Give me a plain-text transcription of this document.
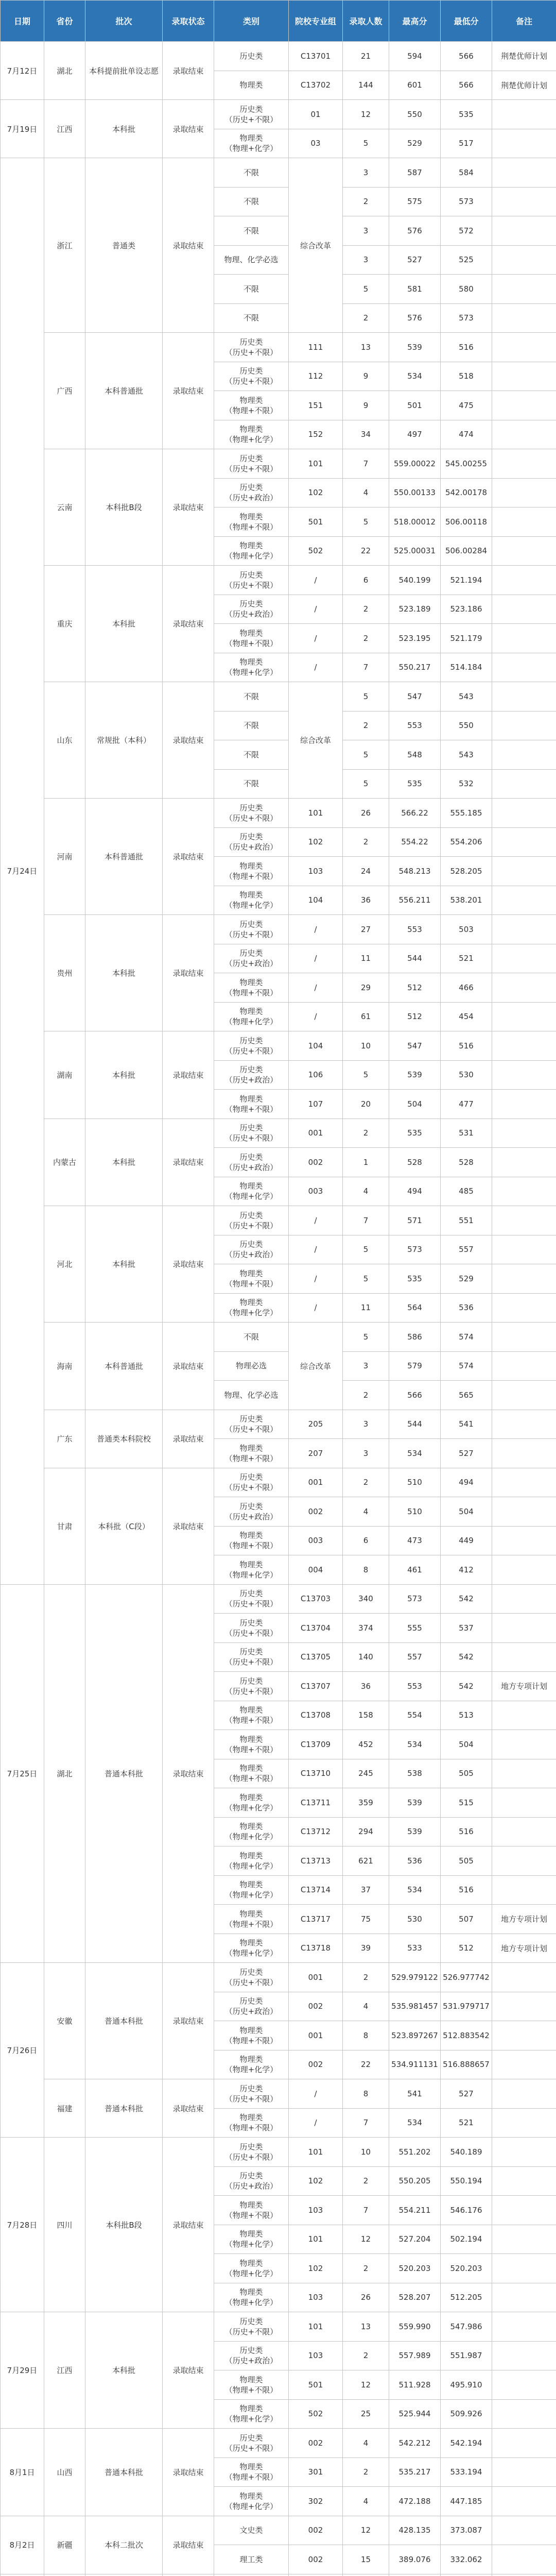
日期	省份	批次	录取状态	类别	院校专业组	录取人数	最高分	最低分	备注
7月12日	湖北	本科提前批单设志愿	录取结束	历史类	C13701	21	594	566	荆楚优师计划

				物理类	C13702	144	601	566	荆楚优师计划
7月19日	江西	本科批	录取结束	历史类
（历史+不限）	01	12	550	535	

				物理类
（物理+化学）	03	5	529	517	
7月24日	浙江	普通类	录取结束	不限	综合改革	3	587	584	

				不限		2	575	573	

				不限		3	576	572	

				物理、化学必选		3	527	525	

				不限		5	581	580	

				不限		2	576	573	
	广西	本科普通批	录取结束	历史类
（历史+不限）	111	13	539	516	

				历史类
（历史+不限）	112	9	534	518	

				物理类
（物理+不限）	151	9	501	475	

				物理类
（物理+化学）	152	34	497	474	
	云南	本科批B段	录取结束	历史类
（历史+不限）	101	7	559.00022	545.00255	

				历史类
（历史+政治）	102	4	550.00133	542.00178	

				物理类
（物理+不限）	501	5	518.00012	506.00118	

				物理类
（物理+化学）	502	22	525.00031	506.00284	
	重庆	本科批	录取结束	历史类
（历史+不限）	/	6	540.199	521.194	

				历史类
（历史+政治）	/	2	523.189	523.186	

				物理类
（物理+不限）	/	2	523.195	521.179	

				物理类
（物理+化学）	/	7	550.217	514.184	
	山东	常规批（本科）	录取结束	不限	综合改革	5	547	543	

				不限		2	553	550	

				不限		5	548	543	

				不限		5	535	532	
	河南	本科普通批	录取结束	历史类
（历史+不限）	101	26	566.22	555.185	

				历史类
（历史+政治）	102	2	554.22	554.206	

				物理类
（物理+不限）	103	24	548.213	528.205	

				物理类
（物理+化学）	104	36	556.211	538.201	
	贵州	本科批	录取结束	历史类
（历史+不限）	/	27	553	503	

				历史类
（历史+政治）	/	11	544	521	

				物理类
（物理+不限）	/	29	512	466	

				物理类
（物理+化学）	/	61	512	454	
	湖南	本科批	录取结束	历史类
（历史+不限）	104	10	547	516	

				历史类
（历史+政治）	106	5	539	530	

				物理类
（物理+不限）	107	20	504	477	
	内蒙古	本科批	录取结束	历史类
（历史+不限）	001	2	535	531	

				历史类
（历史+政治）	002	1	528	528	

				物理类
（物理+化学）	003	4	494	485	
	河北	本科批	录取结束	历史类
（历史+不限）	/	7	571	551	

				历史类
（历史+政治）	/	5	573	557	

				物理类
（物理+不限）	/	5	535	529	

				物理类
（物理+化学）	/	11	564	536	
	海南	本科普通批	录取结束	不限	综合改革	5	586	574	

				物理必选		3	579	574	

				物理、化学必选		2	566	565	
	广东	普通类本科院校	录取结束	历史类
（历史+不限）	205	3	544	541	

				物理类
（物理+不限）	207	3	534	527	
	甘肃	本科批（C段）	录取结束	历史类
（历史+不限）	001	2	510	494	

				历史类
（历史+政治）	002	4	510	504	

				物理类
（物理+不限）	003	6	473	449	

				物理类
（物理+化学）	004	8	461	412	
7月25日	湖北	普通本科批	录取结束	历史类
（历史+不限）	C13703	340	573	542	

				历史类
（历史+不限）	C13704	374	555	537	

				历史类
（历史+不限）	C13705	140	557	542	

				历史类
（历史+不限）	C13707	36	553	542	地方专项计划

				物理类
（物理+不限）	C13708	158	554	513	

				物理类
（物理+不限）	C13709	452	534	504	

				物理类
（物理+不限）	C13710	245	538	505	

				物理类
（物理+化学）	C13711	359	539	515	

				物理类
（物理+化学）	C13712	294	539	516	

				物理类
（物理+化学）	C13713	621	536	505	

				物理类
（物理+化学）	C13714	37	534	516	

				物理类
（物理+不限）	C13717	75	530	507	地方专项计划

				物理类
（物理+化学）	C13718	39	533	512	地方专项计划
7月26日	安徽	普通本科批	录取结束	历史类
（历史+不限）	001	2	529.979122	526.977742	

				历史类
（历史+政治）	002	4	535.981457	531.979717	

				物理类
（物理+不限）	001	8	523.897267	512.883542	

				物理类
（物理+化学）	002	22	534.911131	516.888657	
	福建	普通本科批	录取结束	历史类
（历史+不限）	/	8	541	527	

				物理类
（物理+不限）	/	7	534	521	
7月28日	四川	本科批B段	录取结束	历史类
（历史+不限）	101	10	551.202	540.189	

				历史类
（历史+政治）	102	2	550.205	550.194	

				物理类
（物理+不限）	103	7	554.211	546.176	

				物理类
（物理+化学）	101	12	527.204	502.194	

				物理类
（物理+化学）	102	2	520.203	520.203	

				物理类
（物理+化学）	103	26	528.207	512.205	
7月29日	江西	本科批	录取结束	历史类
（历史+不限）	101	13	559.990	547.986	

				历史类
（历史+政治）	103	2	557.989	551.987	

				物理类
（物理+不限）	501	12	511.928	495.910	

				物理类
（物理+化学）	502	25	525.944	509.926	
8月1日	山西	普通本科批	录取结束	历史类
（历史+不限）	002	4	542.212	542.194	

				物理类
（物理+不限）	301	2	535.217	533.194	

				物理类
（物理+化学）	302	4	472.188	447.185	
8月2日	新疆	本科二批次	录取结束	文史类	002	12	428.135	373.087	

				理工类	002	15	389.076	332.062	
